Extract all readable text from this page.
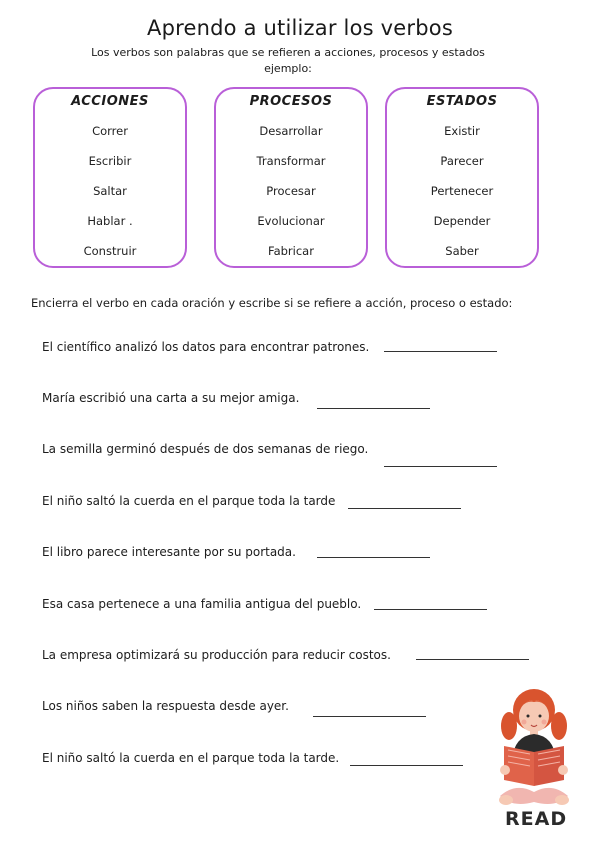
Aprendo a utilizar los verbos
Los verbos son palabras que se refieren a acciones, procesos y estados
ejemplo:
ACCIONES
Correr
Escribir
Saltar
Hablar .
Construir
PROCESOS
Desarrollar
Transformar
Procesar
Evolucionar
Fabricar
ESTADOS
Existir
Parecer
Pertenecer
Depender
Saber
Encierra el verbo en cada oración y escribe si se refiere a acción, proceso o estado:
El científico analizó los datos para encontrar patrones.
María escribió una carta a su mejor amiga.
La semilla germinó después de dos semanas de riego.
El niño saltó la cuerda en el parque toda la tarde
El libro parece interesante por su portada.
Esa casa pertenece a una familia antigua del pueblo.
La empresa optimizará su producción para reducir costos.
Los niños saben la respuesta desde ayer.
El niño saltó la cuerda en el parque toda la tarde.
READ
